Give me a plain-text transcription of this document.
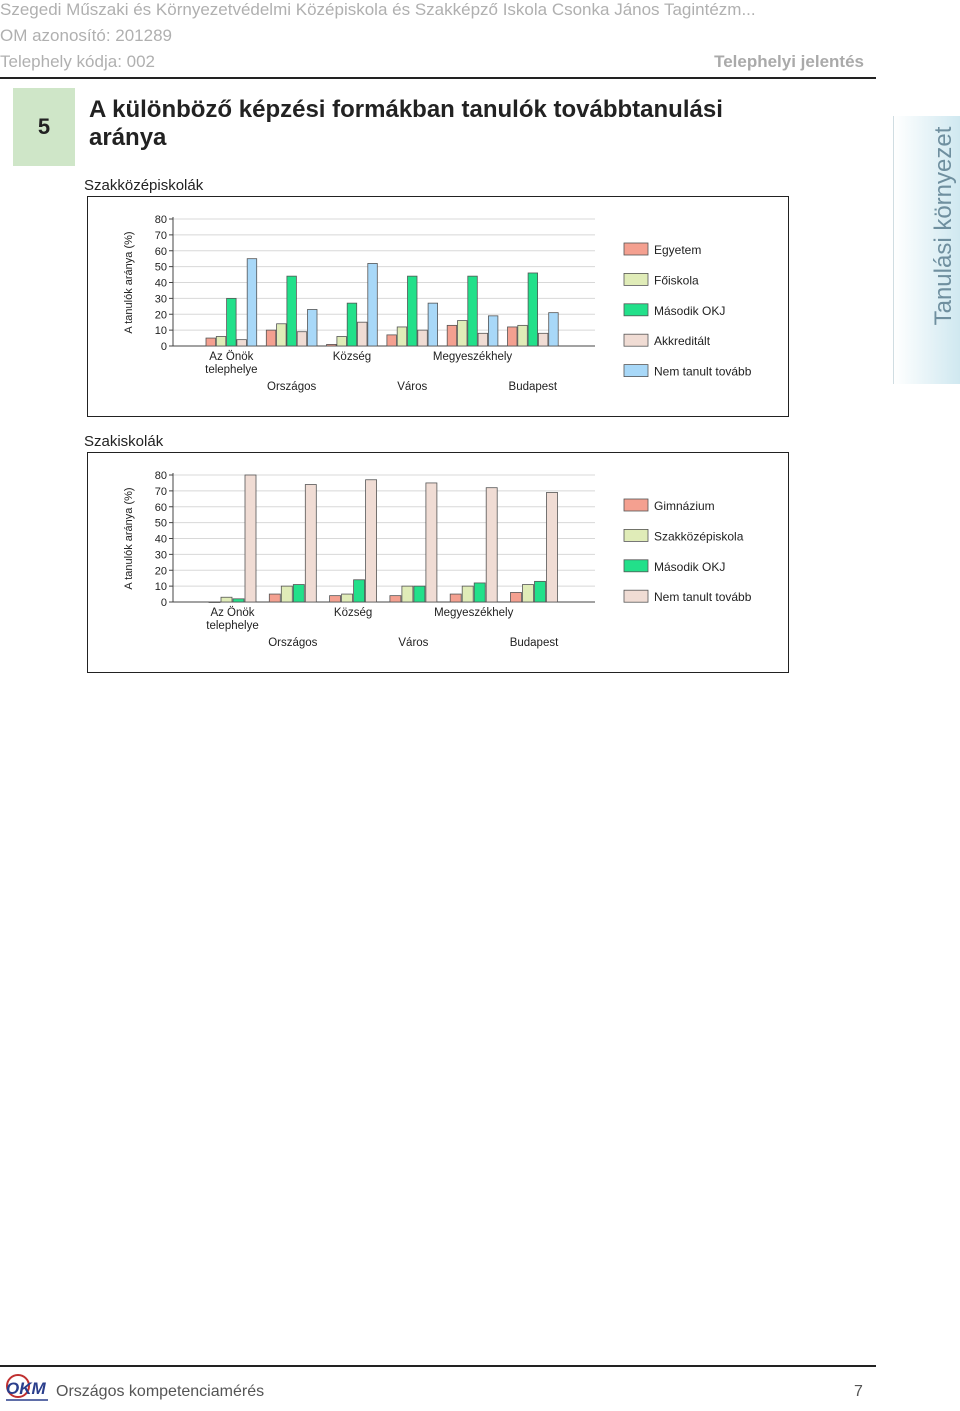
Szegedi Műszaki és Környezetvédelmi Középiskola és Szakképző Iskola Csonka János Tagintézm...
OM azonosító: 201289
Telephely kódja: 002	Telephelyi jelentés
5
A különböző képzési formákban tanulók továbbtanulási aránya	Tanulási környezet
Szakközépiskolák
A tanulók aránya (%)
0
10
20
30
40
50
60
70
80
Az Önök telephelye
Országos
Község
Város
Megyeszékhely
Budapest
Egyetem
Főiskola
Második OKJ
Akkreditált
Nem tanult tovább
Szakiskolák
A tanulók aránya (%)
0
10
20
30
40
50
60
70
80
Az Önök telephelye
Országos
Község
Város
Megyeszékhely
Budapest
Gimnázium
Szakközépiskola
Második OKJ
Nem tanult tovább
OKM Országos kompetenciamérés	7
